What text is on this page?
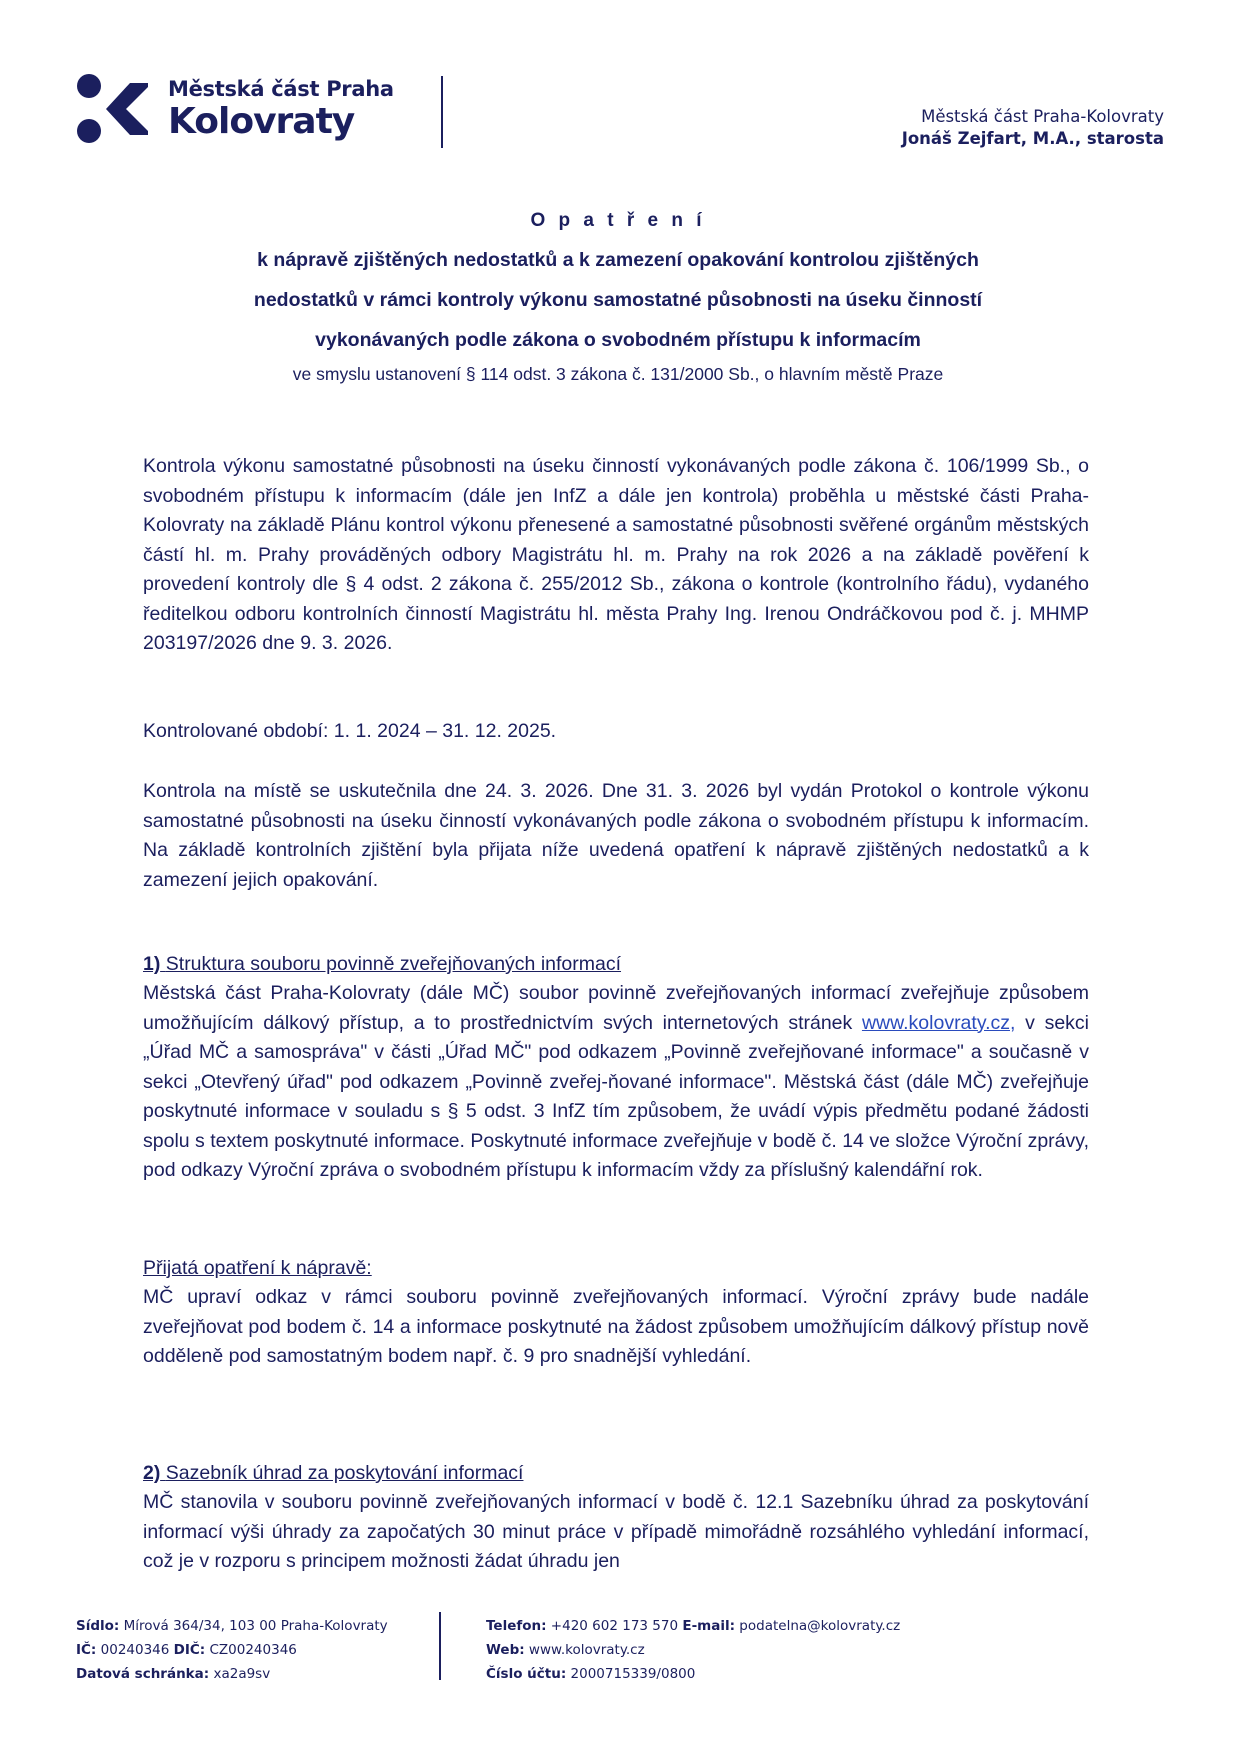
Městská část Praha
Kolovraty	Městská část Praha-Kolovraty
Jonáš Zejfart, M.A., starosta
O p a t ř e n í
k nápravě zjištěných nedostatků a k zamezení opakování kontrolou zjištěných
nedostatků v rámci kontroly výkonu samostatné působnosti na úseku činností
vykonávaných podle zákona o svobodném přístupu k informacím
ve smyslu ustanovení § 114 odst. 3 zákona č. 131/2000 Sb., o hlavním městě Praze

Kontrola výkonu samostatné působnosti na úseku činností vykonávaných podle zákona č. 106/1999 Sb., o svobodném přístupu k informacím (dále jen InfZ a dále jen kontrola) proběhla u městské části Praha-Kolovraty na základě Plánu kontrol výkonu přenesené a samostatné působnosti svěřené orgánům městských částí hl. m. Prahy prováděných odbory Magistrátu hl. m. Prahy na rok 2026 a na základě pověření k provedení kontroly dle § 4 odst. 2 zákona č. 255/2012 Sb., zákona o kontrole (kontrolního řádu), vydaného ředitelkou odboru kontrolních činností Magistrátu hl. města Prahy Ing. Irenou Ondráčkovou pod č. j. MHMP 203197/2026 dne 9. 3. 2026.

Kontrolované období: 1. 1. 2024 – 31. 12. 2025.

Kontrola na místě se uskutečnila dne 24. 3. 2026. Dne 31. 3. 2026 byl vydán Protokol o kontrole výkonu samostatné působnosti na úseku činností vykonávaných podle zákona o svobodném přístupu k informacím. Na základě kontrolních zjištění byla přijata níže uvedená opatření k nápravě zjištěných nedostatků a k zamezení jejich opakování.

1) Struktura souboru povinně zveřejňovaných informací

Městská část Praha-Kolovraty (dále MČ) soubor povinně zveřejňovaných informací zveřejňuje způsobem umožňujícím dálkový přístup, a to prostřednictvím svých internetových stránek www.kolovraty.cz, v sekci „Úřad MČ a samospráva" v části „Úřad MČ" pod odkazem „Povinně zveřejňované informace" a současně v sekci „Otevřený úřad" pod odkazem „Povinně zveřej-ňované informace". Městská část (dále MČ) zveřejňuje poskytnuté informace v souladu s § 5 odst. 3 InfZ tím způsobem, že uvádí výpis předmětu podané žádosti spolu s textem poskytnuté informace. Poskytnuté informace zveřejňuje v bodě č. 14 ve složce Výroční zprávy, pod odkazy Výroční zpráva o svobodném přístupu k informacím vždy za příslušný kalendářní rok.

Přijatá opatření k nápravě:

MČ upraví odkaz v rámci souboru povinně zveřejňovaných informací. Výroční zprávy bude nadále zveřejňovat pod bodem č. 14 a informace poskytnuté na žádost způsobem umožňujícím dálkový přístup nově odděleně pod samostatným bodem např. č. 9 pro snadnější vyhledání.

2) Sazebník úhrad za poskytování informací

MČ stanovila v souboru povinně zveřejňovaných informací v bodě č. 12.1 Sazebníku úhrad za poskytování informací výši úhrady za započatých 30 minut práce v případě mimořádně rozsáhlého vyhledání informací, což je v rozporu s principem možnosti žádat úhradu jen

Sídlo: Mírová 364/34, 103 00 Praha-Kolovraty
IČ: 00240346 DIČ: CZ00240346
Datová schránka: xa2a9sv
Telefon: +420 602 173 570 E-mail: podatelna@kolovraty.cz
Web: www.kolovraty.cz
Číslo účtu: 2000715339/0800
